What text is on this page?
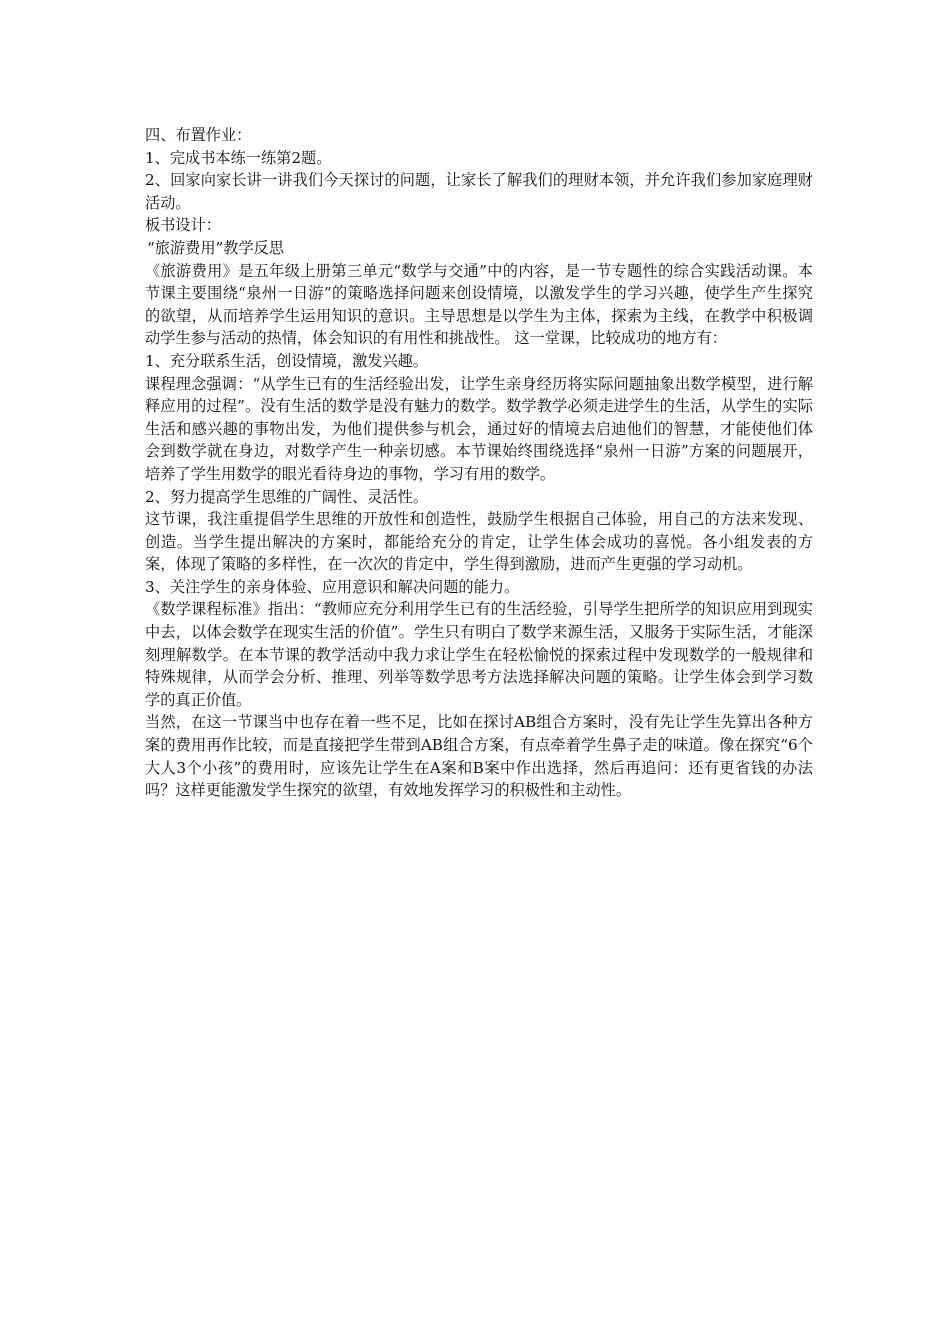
四、布置作业：

1、完成书本练一练第2题。

2、回家向家长讲一讲我们今天探讨的问题，让家长了解我们的理财本领，并允许我们参加家庭理财活动。

板书设计：

“旅游费用”教学反思

《旅游费用》是五年级上册第三单元“数学与交通”中的内容，是一节专题性的综合实践活动课。本节课主要围绕“泉州一日游”的策略选择问题来创设情境，以激发学生的学习兴趣，使学生产生探究的欲望，从而培养学生运用知识的意识。主导思想是以学生为主体，探索为主线，在教学中积极调动学生参与活动的热情，体会知识的有用性和挑战性。 这一堂课，比较成功的地方有：

1、充分联系生活，创设情境，激发兴趣。

课程理念强调：“从学生已有的生活经验出发，让学生亲身经历将实际问题抽象出数学模型，进行解释应用的过程”。没有生活的数学是没有魅力的数学。数学教学必须走进学生的生活，从学生的实际生活和感兴趣的事物出发，为他们提供参与机会，通过好的情境去启迪他们的智慧，才能使他们体会到数学就在身边，对数学产生一种亲切感。本节课始终围绕选择“泉州一日游”方案的问题展开，培养了学生用数学的眼光看待身边的事物，学习有用的数学。

2、努力提高学生思维的广阔性、灵活性。

这节课，我注重提倡学生思维的开放性和创造性，鼓励学生根据自己体验，用自己的方法来发现、创造。当学生提出解决的方案时，都能给充分的肯定，让学生体会成功的喜悦。各小组发表的方案，体现了策略的多样性，在一次次的肯定中，学生得到激励，进而产生更强的学习动机。

3、关注学生的亲身体验、应用意识和解决问题的能力。

《数学课程标准》指出：“教师应充分利用学生已有的生活经验，引导学生把所学的知识应用到现实中去，以体会数学在现实生活的价值”。学生只有明白了数学来源生活，又服务于实际生活，才能深刻理解数学。在本节课的教学活动中我力求让学生在轻松愉悦的探索过程中发现数学的一般规律和特殊规律，从而学会分析、推理、列举等数学思考方法选择解决问题的策略。让学生体会到学习数学的真正价值。

当然，在这一节课当中也存在着一些不足，比如在探讨AB组合方案时，没有先让学生先算出各种方案的费用再作比较，而是直接把学生带到AB组合方案，有点牵着学生鼻子走的味道。像在探究“6个大人3个小孩”的费用时，应该先让学生在A案和B案中作出选择，然后再追问：还有更省钱的办法吗？这样更能激发学生探究的欲望，有效地发挥学习的积极性和主动性。
